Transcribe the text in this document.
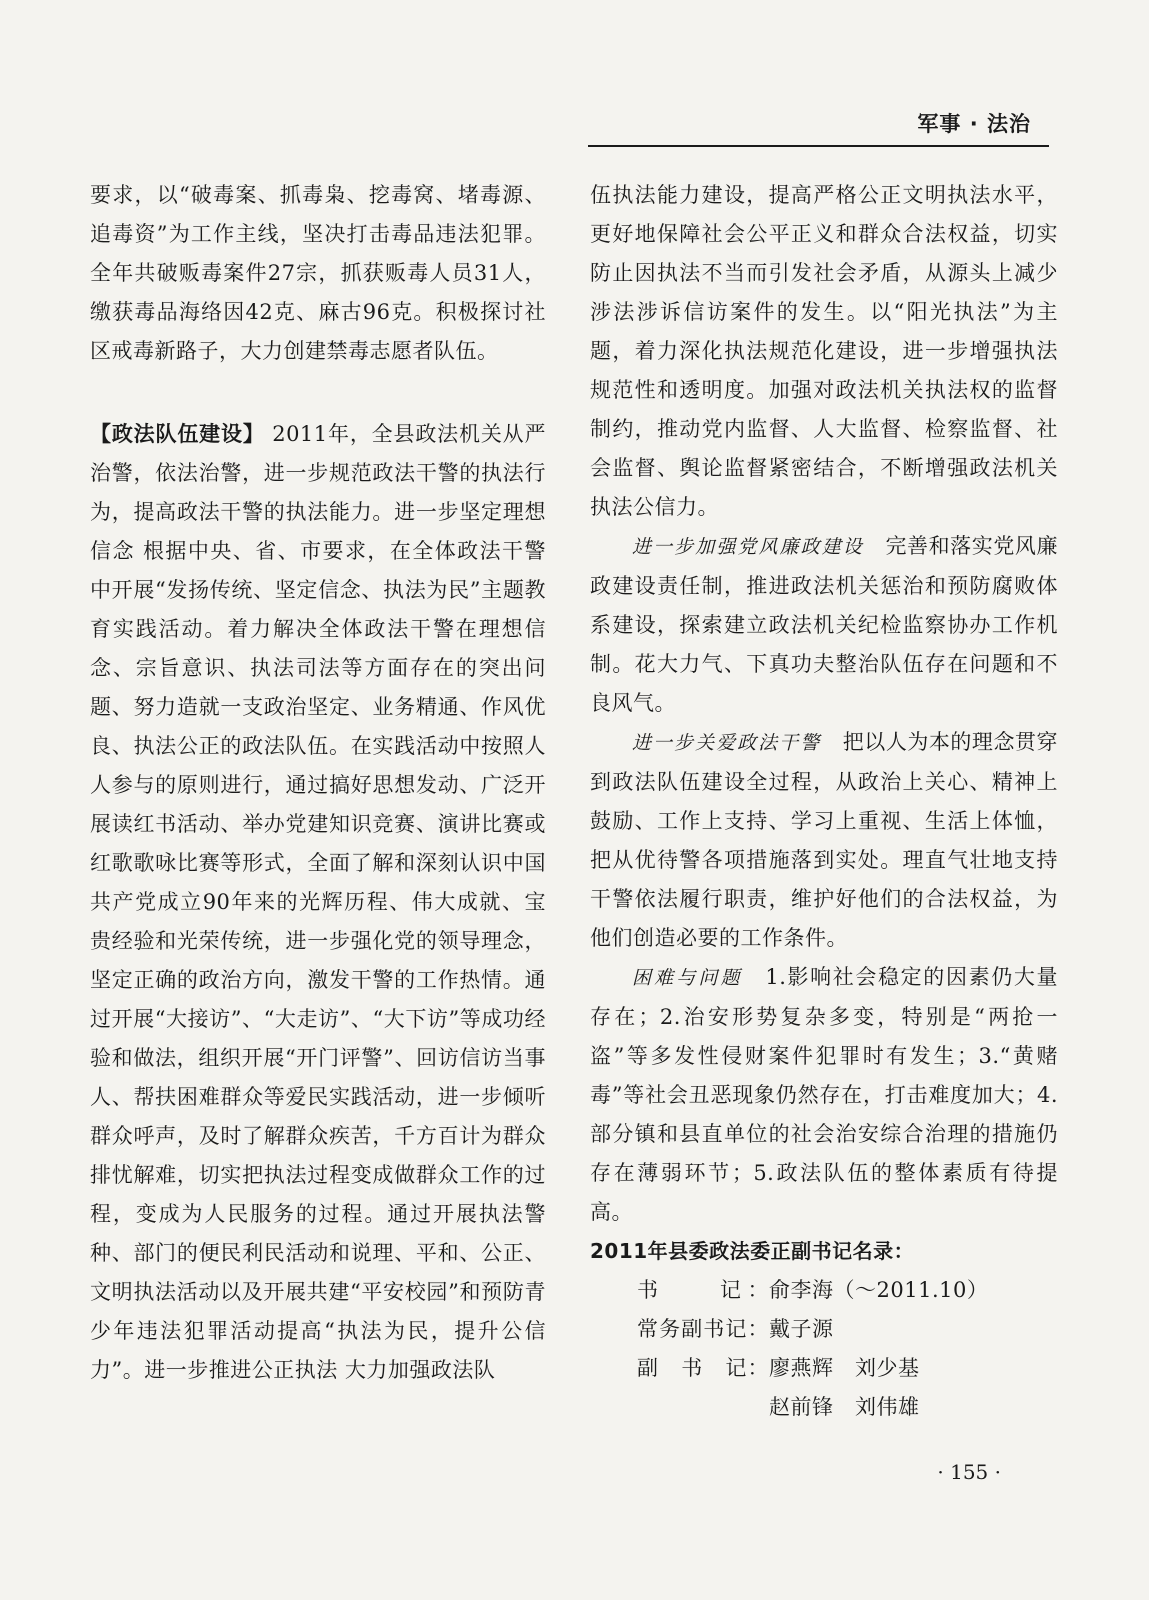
军事 · 法治

要求，以“破毒案、抓毒枭、挖毒窝、堵毒源、追毒资”为工作主线，坚决打击毒品违法犯罪。全年共破贩毒案件27宗，抓获贩毒人员31人，缴获毒品海络因42克、麻古96克。积极探讨社区戒毒新路子，大力创建禁毒志愿者队伍。

【政法队伍建设】 2011年，全县政法机关从严治警，依法治警，进一步规范政法干警的执法行为，提高政法干警的执法能力。进一步坚定理想信念 根据中央、省、市要求，在全体政法干警中开展“发扬传统、坚定信念、执法为民”主题教育实践活动。着力解决全体政法干警在理想信念、宗旨意识、执法司法等方面存在的突出问题、努力造就一支政治坚定、业务精通、作风优良、执法公正的政法队伍。在实践活动中按照人人参与的原则进行，通过搞好思想发动、广泛开展读红书活动、举办党建知识竞赛、演讲比赛或红歌歌咏比赛等形式，全面了解和深刻认识中国共产党成立90年来的光辉历程、伟大成就、宝贵经验和光荣传统，进一步强化党的领导理念，坚定正确的政治方向，激发干警的工作热情。通过开展“大接访”、“大走访”、“大下访”等成功经验和做法，组织开展“开门评警”、回访信访当事人、帮扶困难群众等爱民实践活动，进一步倾听群众呼声，及时了解群众疾苦，千方百计为群众排忧解难，切实把执法过程变成做群众工作的过程，变成为人民服务的过程。通过开展执法警种、部门的便民利民活动和说理、平和、公正、文明执法活动以及开展共建“平安校园”和预防青少年违法犯罪活动提高“执法为民，提升公信力”。进一步推进公正执法 大力加强政法队

伍执法能力建设，提高严格公正文明执法水平，更好地保障社会公平正义和群众合法权益，切实防止因执法不当而引发社会矛盾，从源头上减少涉法涉诉信访案件的发生。以“阳光执法”为主题，着力深化执法规范化建设，进一步增强执法规范性和透明度。加强对政法机关执法权的监督制约，推动党内监督、人大监督、检察监督、社会监督、舆论监督紧密结合，不断增强政法机关执法公信力。

进一步加强党风廉政建设　 完善和落实党风廉政建设责任制，推进政法机关惩治和预防腐败体系建设，探索建立政法机关纪检监察协办工作机制。花大力气、下真功夫整治队伍存在问题和不良风气。

进一步关爱政法干警　 把以人为本的理念贯穿到政法队伍建设全过程，从政治上关心、精神上鼓励、工作上支持、学习上重视、生活上体恤，把从优待警各项措施落到实处。理直气壮地支持干警依法履行职责，维护好他们的合法权益，为他们创造必要的工作条件。

困难与问题　 1.影响社会稳定的因素仍大量存在；2.治安形势复杂多变，特别是“两抢一盗”等多发性侵财案件犯罪时有发生；3.“黄赌毒”等社会丑恶现象仍然存在，打击难度加大；4.部分镇和县直单位的社会治安综合治理的措施仍存在薄弱环节；5.政法队伍的整体素质有待提高。

2011年县委政法委正副书记名录：

书　　记： 俞李海（～2011.10）
常务副书记： 戴子源
副　书　记： 廖燕辉　刘少基
赵前锋　刘伟雄
· 155 ·
